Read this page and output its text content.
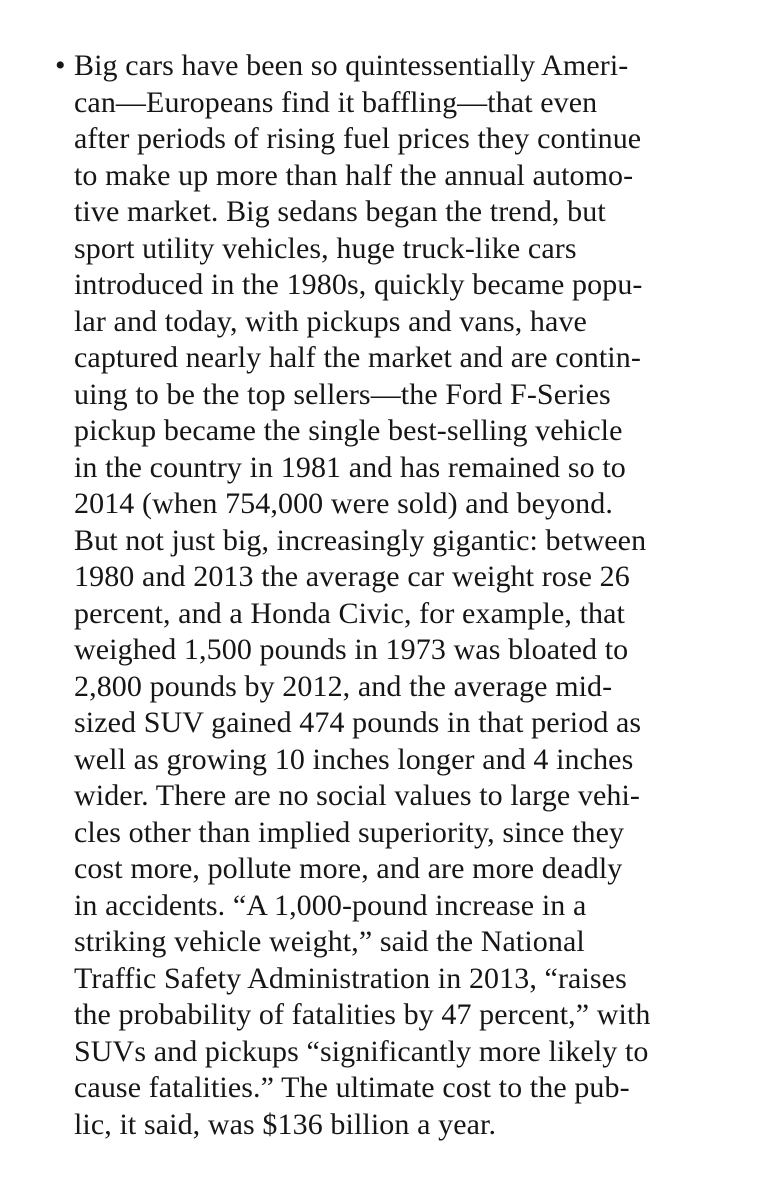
• Big cars have been so quintessentially Ameri-
can—Europeans find it baffling—that even
after periods of rising fuel prices they continue
to make up more than half the annual automo-
tive market. Big sedans began the trend, but
sport utility vehicles, huge truck-like cars
introduced in the 1980s, quickly became popu-
lar and today, with pickups and vans, have
captured nearly half the market and are contin-
uing to be the top sellers—the Ford F-Series
pickup became the single best-selling vehicle
in the country in 1981 and has remained so to
2014 (when 754,000 were sold) and beyond.
But not just big, increasingly gigantic: between
1980 and 2013 the average car weight rose 26
percent, and a Honda Civic, for example, that
weighed 1,500 pounds in 1973 was bloated to
2,800 pounds by 2012, and the average mid-
sized SUV gained 474 pounds in that period as
well as growing 10 inches longer and 4 inches
wider. There are no social values to large vehi-
cles other than implied superiority, since they
cost more, pollute more, and are more deadly
in accidents. “A 1,000-pound increase in a
striking vehicle weight,” said the National
Traffic Safety Administration in 2013, “raises
the probability of fatalities by 47 percent,” with
SUVs and pickups “significantly more likely to
cause fatalities.” The ultimate cost to the pub-
lic, it said, was $136 billion a year.
